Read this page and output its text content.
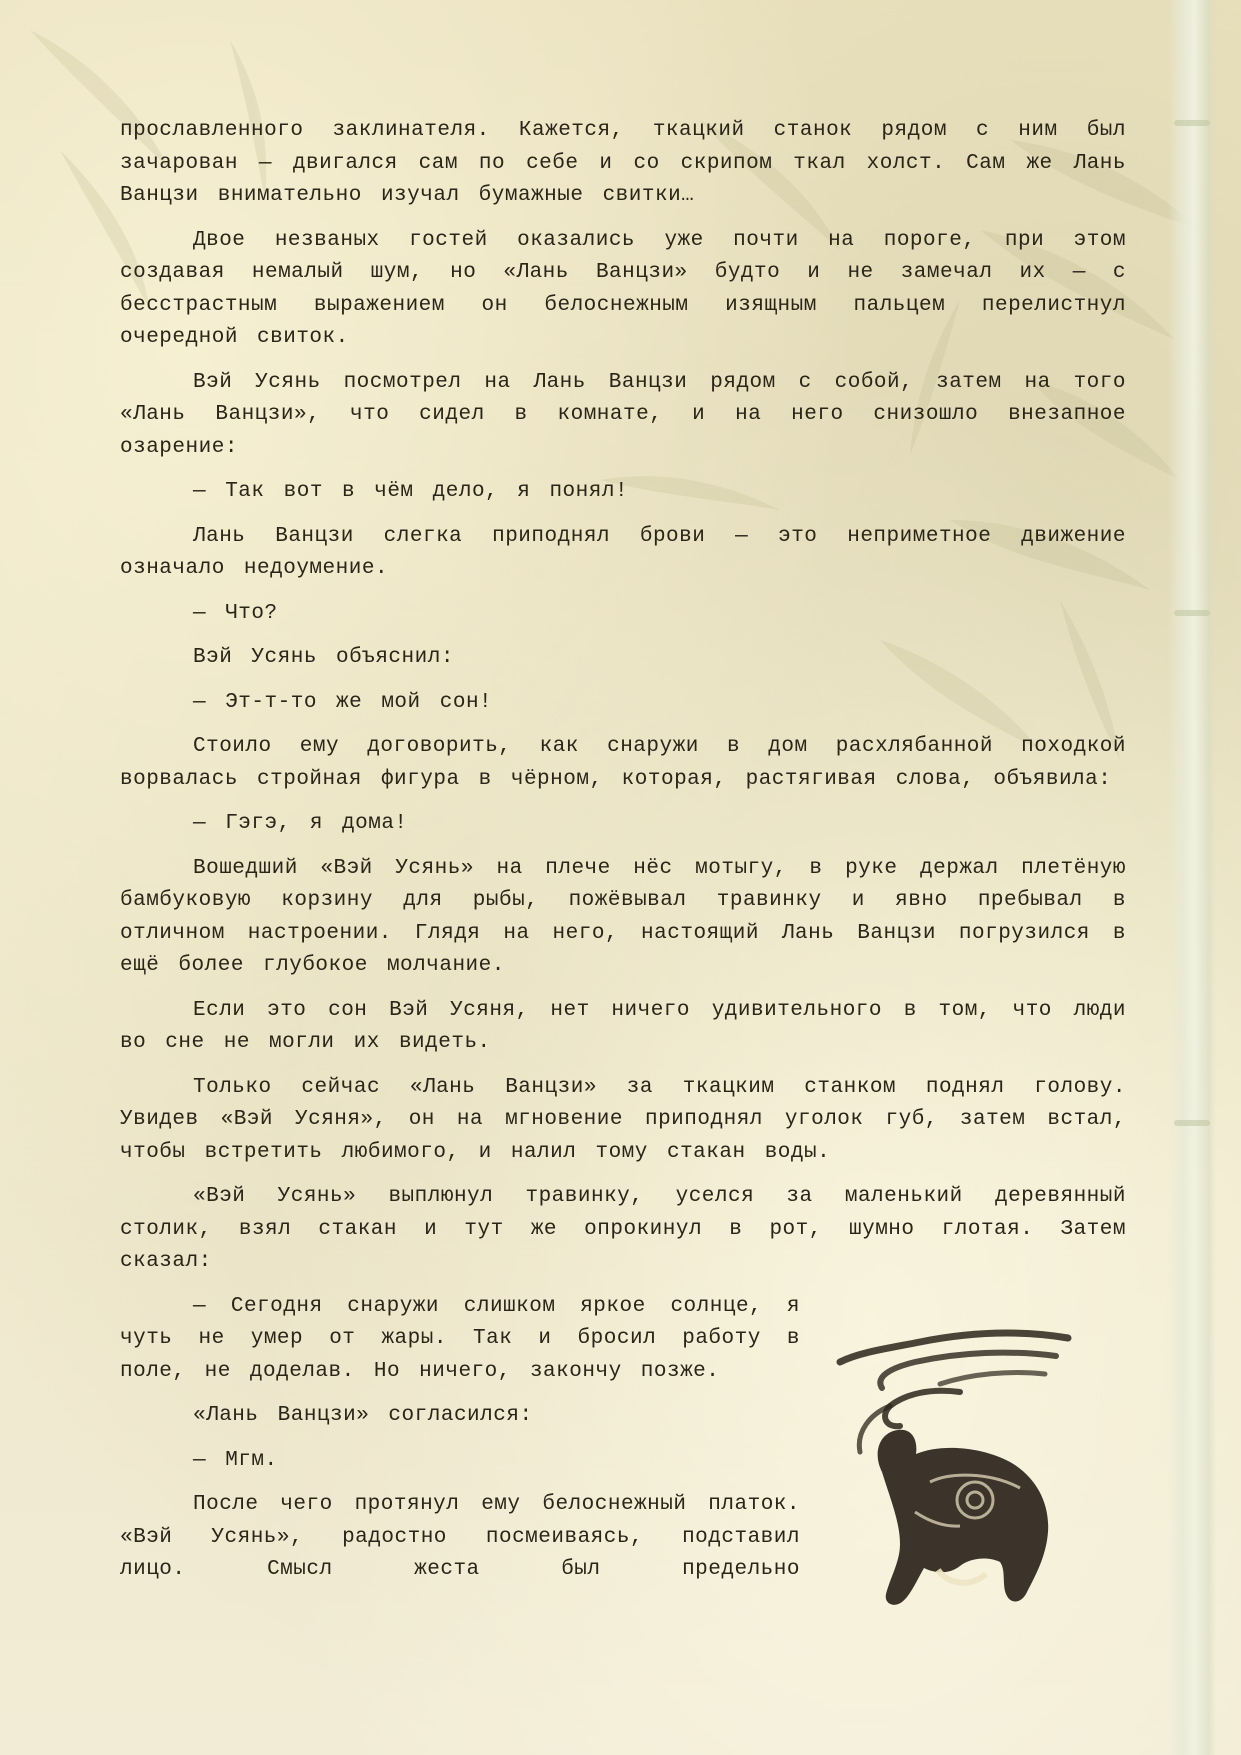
прославленного заклинателя. Кажется, ткацкий станок рядом с ним был зачарован — двигался сам по себе и со скрипом ткал холст. Сам же Лань Ванцзи внимательно изучал бумажные свитки…

Двое незваных гостей оказались уже почти на пороге, при этом создавая немалый шум, но «Лань Ванцзи» будто и не замечал их — с бесстрастным выражением он белоснежным изящным пальцем перелистнул очередной свиток.

Вэй Усянь посмотрел на Лань Ванцзи рядом с собой, затем на того «Лань Ванцзи», что сидел в комнате, и на него снизошло внезапное озарение:

— Так вот в чём дело, я понял!

Лань Ванцзи слегка приподнял брови — это неприметное движение означало недоумение.

— Что?

Вэй Усянь объяснил:

— Эт-т-то же мой сон!

Стоило ему договорить, как снаружи в дом расхлябанной походкой ворвалась стройная фигура в чёрном, которая, растягивая слова, объявила:

— Гэгэ, я дома!

Вошедший «Вэй Усянь» на плече нёс мотыгу, в руке держал плетёную бамбуковую корзину для рыбы, пожёвывал травинку и явно пребывал в отличном настроении. Глядя на него, настоящий Лань Ванцзи погрузился в ещё более глубокое молчание.

Если это сон Вэй Усяня, нет ничего удивительного в том, что люди во сне не могли их видеть.

Только сейчас «Лань Ванцзи» за ткацким станком поднял голову. Увидев «Вэй Усяня», он на мгновение приподнял уголок губ, затем встал, чтобы встретить любимого, и налил тому стакан воды.

«Вэй Усянь» выплюнул травинку, уселся за маленький деревянный столик, взял стакан и тут же опрокинул в рот, шумно глотая. Затем сказал:

— Сегодня снаружи слишком яркое солнце, я чуть не умер от жары. Так и бросил работу в поле, не доделав. Но ничего, закончу позже.

«Лань Ванцзи» согласился:

— Мгм.

После чего протянул ему белоснежный платок. «Вэй Усянь», радостно посмеиваясь, подставил лицо. Смысл жеста был предельно
